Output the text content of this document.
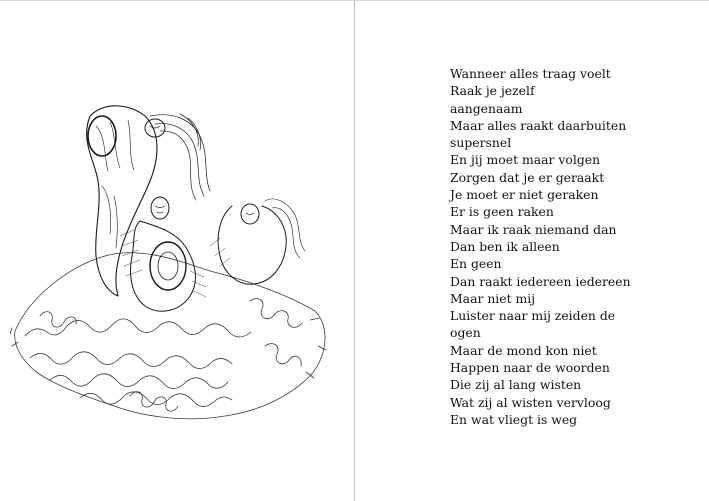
Wanneer alles traag voelt
Raak je jezelf
aangenaam
Maar alles raakt daarbuiten
supersnel
En jij moet maar volgen
Zorgen dat je er geraakt
Je moet er niet geraken
Er is geen raken
Maar ik raak niemand dan
Dan ben ik alleen
En geen
Dan raakt iedereen iedereen
Maar niet mij
Luister naar mij zeiden de
ogen
Maar de mond kon niet
Happen naar de woorden
Die zij al lang wisten
Wat zij al wisten vervloog
En wat vliegt is weg
